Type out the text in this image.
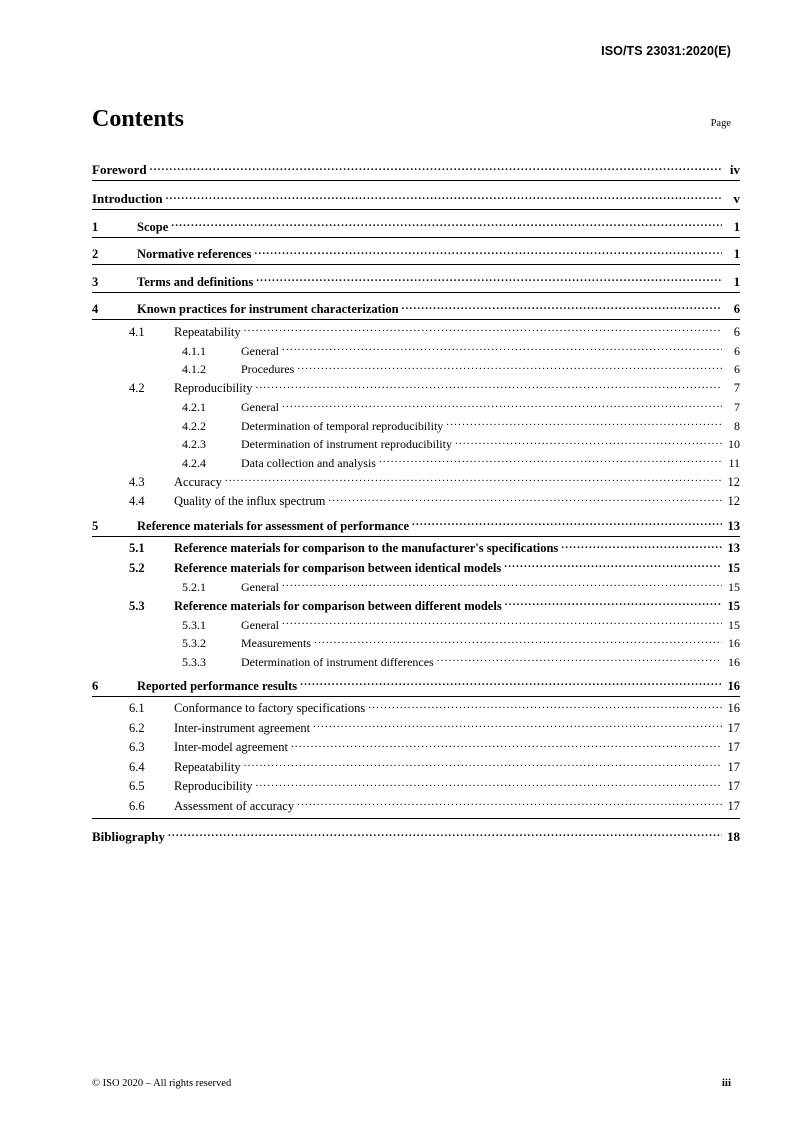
ISO/TS 23031:2020(E)
Contents	Page
Foreword .....	iv
Introduction .....	v
1	Scope .....	1
2	Normative references .....	1
3	Terms and definitions .....	1
4	Known practices for instrument characterization .....	6
4.1	Repeatability .....	6
4.1.1	General .....	6
4.1.2	Procedures .....	6
4.2	Reproducibility .....	7
4.2.1	General .....	7
4.2.2	Determination of temporal reproducibility .....	8
4.2.3	Determination of instrument reproducibility .....	10
4.2.4	Data collection and analysis .....	11
4.3	Accuracy .....	12
4.4	Quality of the influx spectrum .....	12
5	Reference materials for assessment of performance .....	13
5.1	Reference materials for comparison to the manufacturer's specifications .....	13
5.2	Reference materials for comparison between identical models .....	15
5.2.1	General .....	15
5.3	Reference materials for comparison between different models .....	15
5.3.1	General .....	15
5.3.2	Measurements .....	16
5.3.3	Determination of instrument differences .....	16
6	Reported performance results .....	16
6.1	Conformance to factory specifications .....	16
6.2	Inter-instrument agreement .....	17
6.3	Inter-model agreement .....	17
6.4	Repeatability .....	17
6.5	Reproducibility .....	17
6.6	Assessment of accuracy .....	17
Bibliography .....	18
© ISO 2020 – All rights reserved	iii
